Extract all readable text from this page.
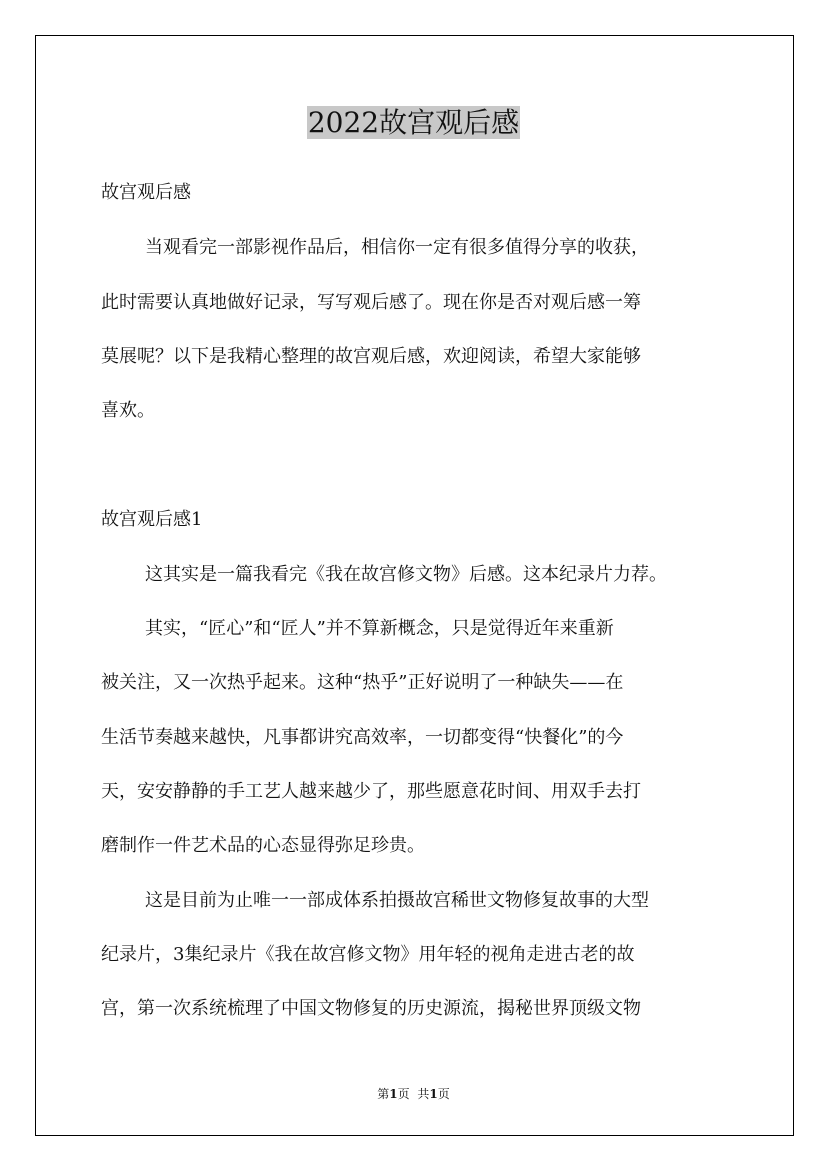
2022故宫观后感
故宫观后感
当观看完一部影视作品后，相信你一定有很多值得分享的收获，
此时需要认真地做好记录，写写观后感了。现在你是否对观后感一筹
莫展呢？以下是我精心整理的故宫观后感，欢迎阅读，希望大家能够
喜欢。
故宫观后感1
这其实是一篇我看完《我在故宫修文物》后感。这本纪录片力荐。
其实，“匠心”和“匠人”并不算新概念，只是觉得近年来重新
被关注，又一次热乎起来。这种“热乎”正好说明了一种缺失——在
生活节奏越来越快，凡事都讲究高效率，一切都变得“快餐化”的今
天，安安静静的手工艺人越来越少了，那些愿意花时间、用双手去打
磨制作一件艺术品的心态显得弥足珍贵。
这是目前为止唯一一部成体系拍摄故宫稀世文物修复故事的大型
纪录片，3集纪录片《我在故宫修文物》用年轻的视角走进古老的故
宫，第一次系统梳理了中国文物修复的历史源流，揭秘世界顶级文物
第1页 共1页
